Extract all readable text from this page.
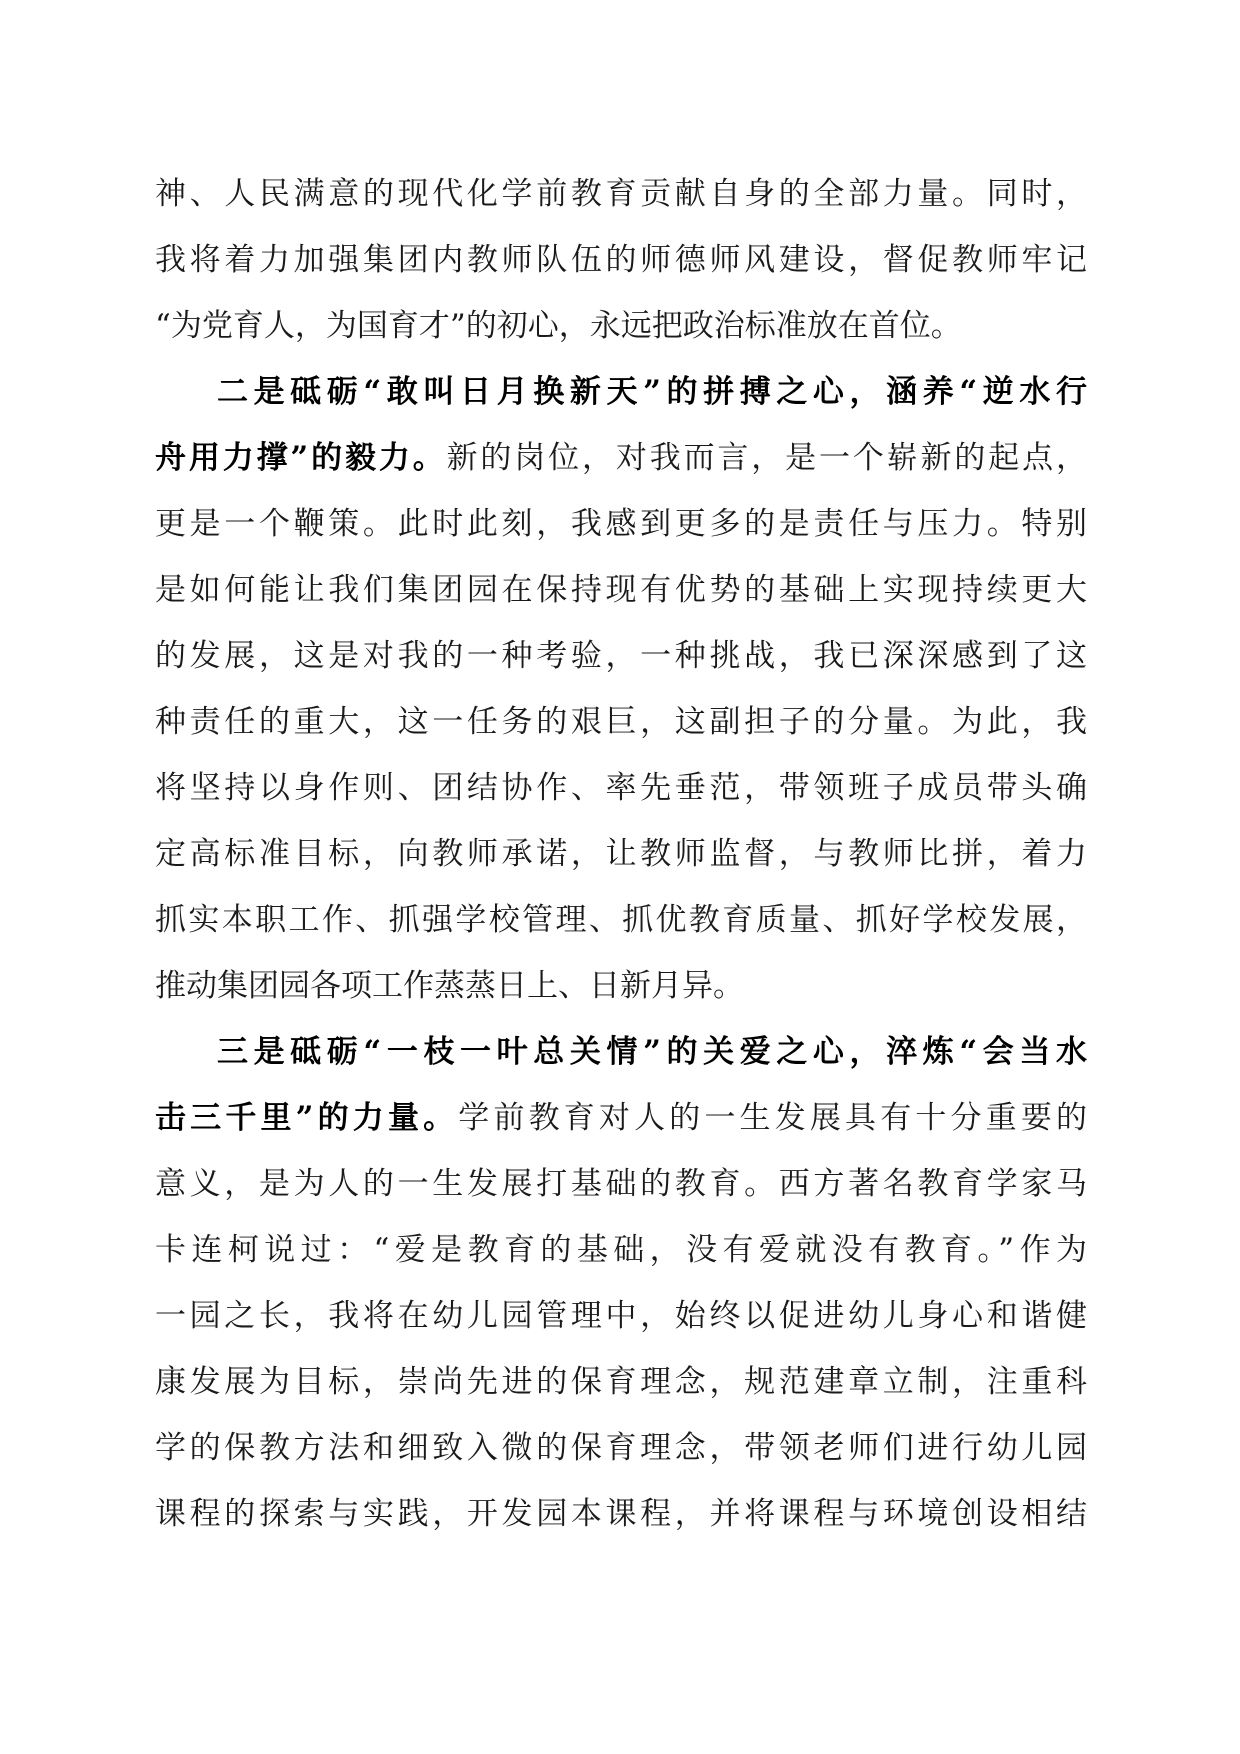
神、人民满意的现代化学前教育贡献自身的全部力量。同时，
我将着力加强集团内教师队伍的师德师风建设，督促教师牢记
“为党育人，为国育才”的初心，永远把政治标准放在首位。
二是砥砺“敢叫日月换新天”的拼搏之心，涵养“逆水行
舟用力撑”的毅力。新的岗位，对我而言，是一个崭新的起点，
更是一个鞭策。此时此刻，我感到更多的是责任与压力。特别
是如何能让我们集团园在保持现有优势的基础上实现持续更大
的发展，这是对我的一种考验，一种挑战，我已深深感到了这
种责任的重大，这一任务的艰巨，这副担子的分量。为此，我
将坚持以身作则、团结协作、率先垂范，带领班子成员带头确
定高标准目标，向教师承诺，让教师监督，与教师比拼，着力
抓实本职工作、抓强学校管理、抓优教育质量、抓好学校发展，
推动集团园各项工作蒸蒸日上、日新月异。
三是砥砺“一枝一叶总关情”的关爱之心，淬炼“会当水
击三千里”的力量。学前教育对人的一生发展具有十分重要的
意义，是为人的一生发展打基础的教育。西方著名教育学家马
卡连柯说过：“爱是教育的基础，没有爱就没有教育。”作为
一园之长，我将在幼儿园管理中，始终以促进幼儿身心和谐健
康发展为目标，崇尚先进的保育理念，规范建章立制，注重科
学的保教方法和细致入微的保育理念，带领老师们进行幼儿园
课程的探索与实践，开发园本课程，并将课程与环境创设相结
